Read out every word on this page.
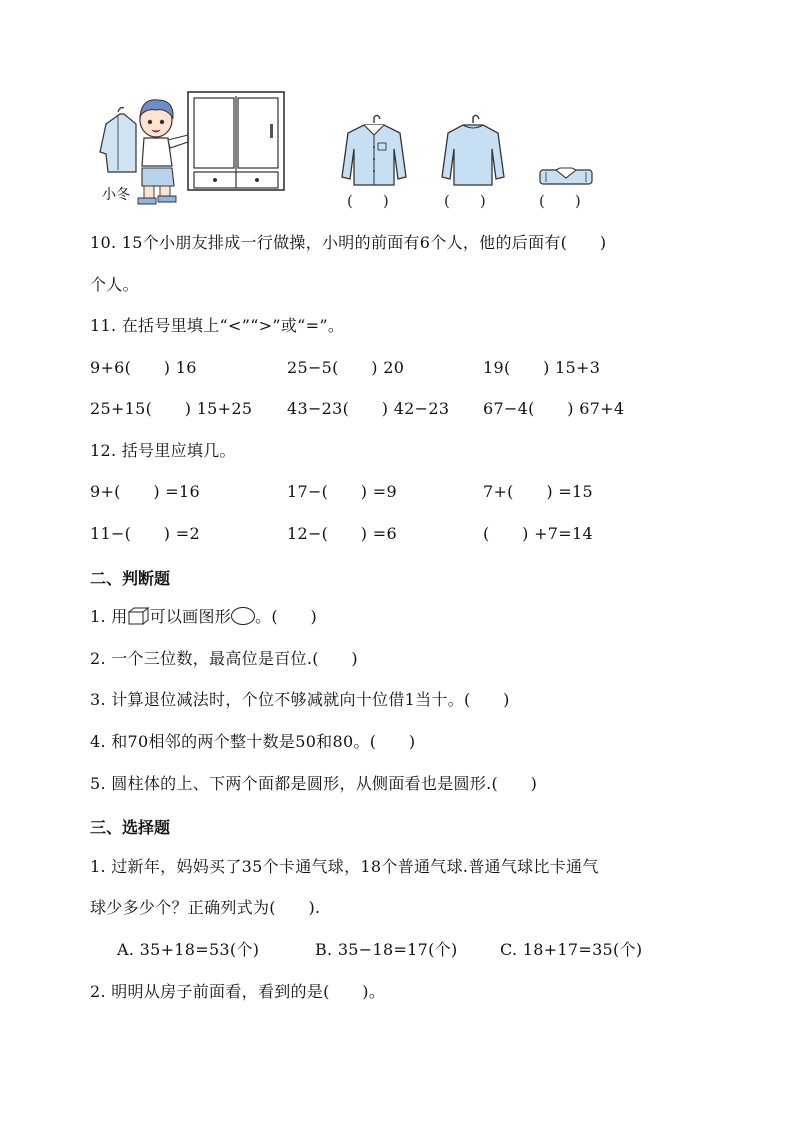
小冬	(　　)	(　　)	(　　)
10. 15个小朋友排成一行做操，小明的前面有6个人，他的后面有(　　)
个人。
11. 在括号里填上“<”“>”或“=”。
9+6(　　) 16	25−5(　　) 20	19(　　) 15+3
25+15(　　) 15+25 43−23(　　) 42−23 67−4(　　) 67+4
12. 括号里应填几。
9+(　　) =16	17−(　　) =9	7+(　　) =15
11−(　　) =2	12−(　　) =6	(　　) +7=14
二、判断题
1. 用 可以画图形 。(　　)
2. 一个三位数，最高位是百位.(　　)
3. 计算退位减法时，个位不够减就向十位借1当十。(　　)
4. 和70相邻的两个整十数是50和80。(　　)
5. 圆柱体的上、下两个面都是圆形，从侧面看也是圆形.(　　)
三、选择题
1. 过新年，妈妈买了35个卡通气球，18个普通气球.普通气球比卡通气
球少多少个？正确列式为(　　).
A. 35+18=53(个)	B. 35−18=17(个)	C. 18+17=35(个)
2. 明明从房子前面看，看到的是(　　)。
